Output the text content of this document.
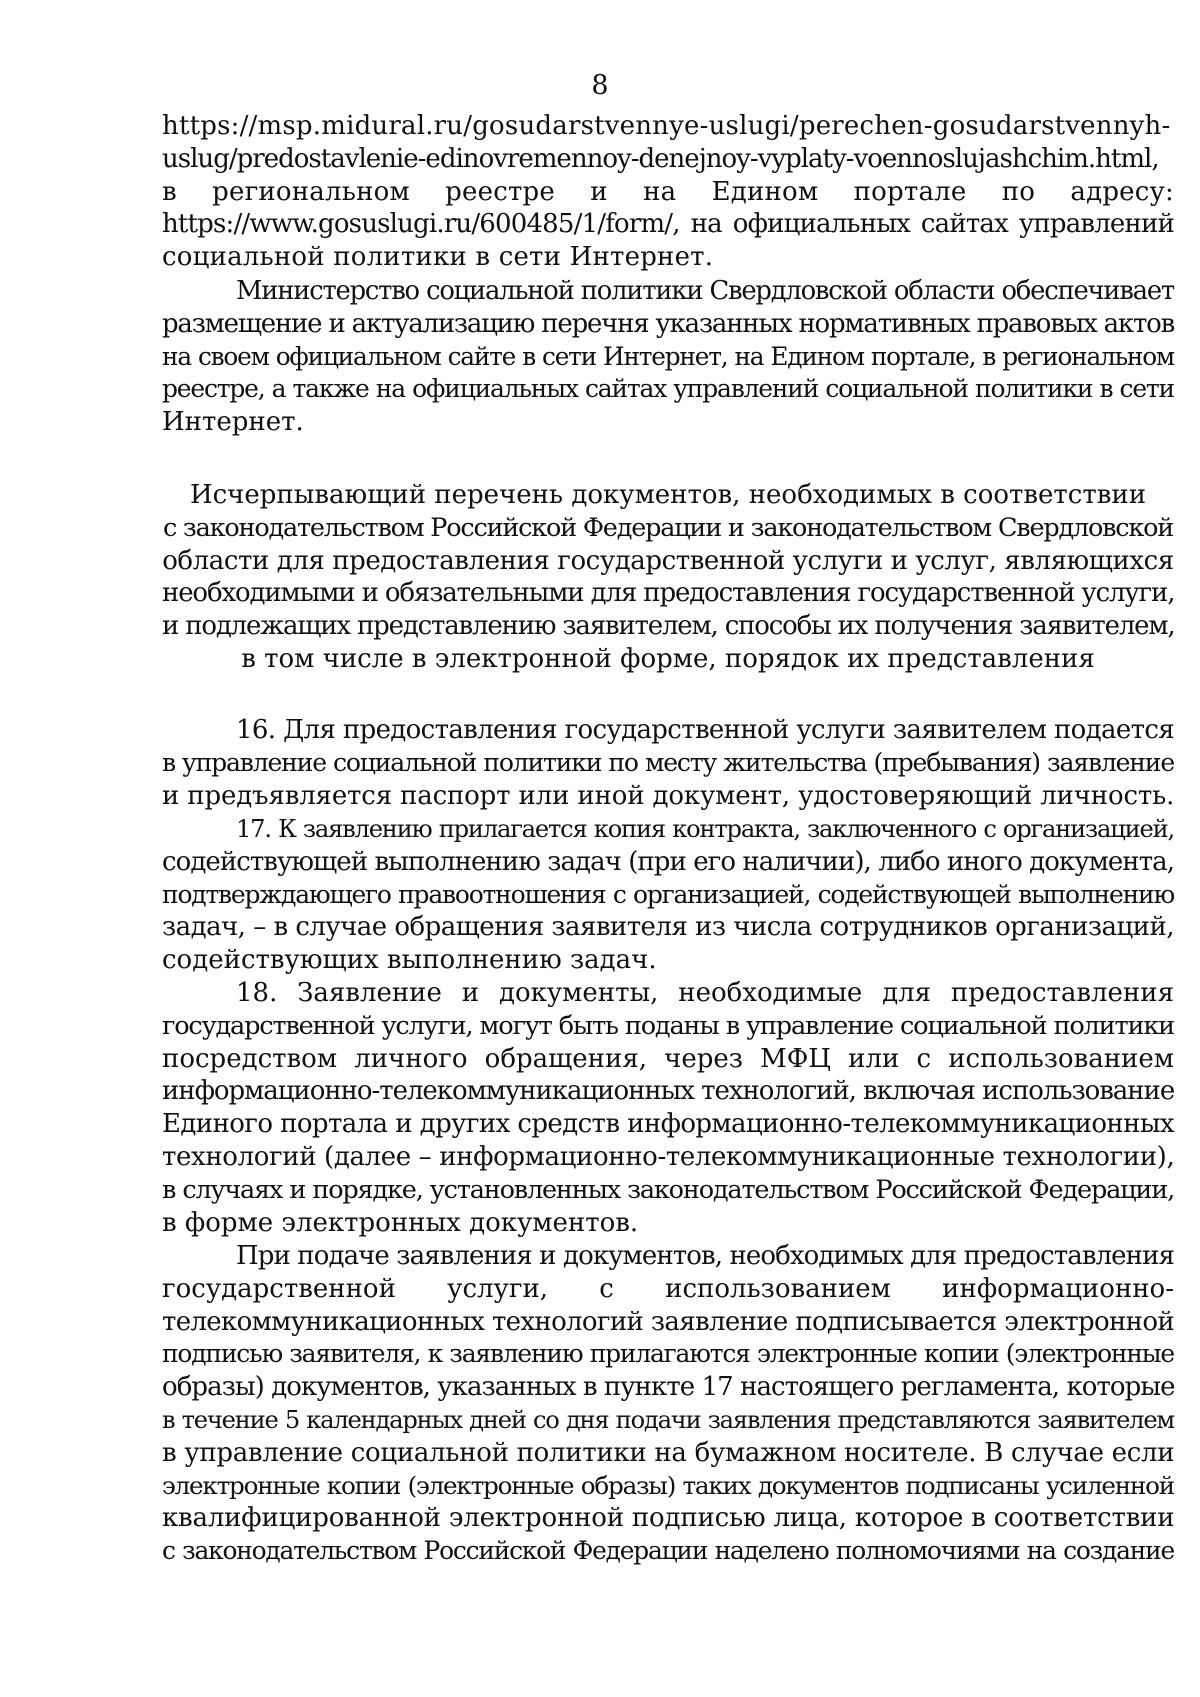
8
https://msp.midural.ru/gosudarstvennye-uslugi/perechen-gosudarstvennyh-
uslug/predostavlenie-edinovremennoy-denejnoy-vyplaty-voennoslujashchim.html,
в региональном реестре и на Едином портале по адресу:
https://www.gosuslugi.ru/600485/1/form/, на официальных сайтах управлений
социальной политики в сети Интернет.
Министерство социальной политики Свердловской области обеспечивает
размещение и актуализацию перечня указанных нормативных правовых актов
на своем официальном сайте в сети Интернет, на Едином портале, в региональном
реестре, а также на официальных сайтах управлений социальной политики в сети
Интернет.
Исчерпывающий перечень документов, необходимых в соответствии
с законодательством Российской Федерации и законодательством Свердловской
области для предоставления государственной услуги и услуг, являющихся
необходимыми и обязательными для предоставления государственной услуги,
и подлежащих представлению заявителем, способы их получения заявителем,
в том числе в электронной форме, порядок их представления
16. Для предоставления государственной услуги заявителем подается
в управление социальной политики по месту жительства (пребывания) заявление
и предъявляется паспорт или иной документ, удостоверяющий личность.
17. К заявлению прилагается копия контракта, заключенного с организацией,
содействующей выполнению задач (при его наличии), либо иного документа,
подтверждающего правоотношения с организацией, содействующей выполнению
задач, – в случае обращения заявителя из числа сотрудников организаций,
содействующих выполнению задач.
18. Заявление и документы, необходимые для предоставления
государственной услуги, могут быть поданы в управление социальной политики
посредством личного обращения, через МФЦ или с использованием
информационно-телекоммуникационных технологий, включая использование
Единого портала и других средств информационно-телекоммуникационных
технологий (далее – информационно-телекоммуникационные технологии),
в случаях и порядке, установленных законодательством Российской Федерации,
в форме электронных документов.
При подаче заявления и документов, необходимых для предоставления
государственной услуги, с использованием информационно-
телекоммуникационных технологий заявление подписывается электронной
подписью заявителя, к заявлению прилагаются электронные копии (электронные
образы) документов, указанных в пункте 17 настоящего регламента, которые
в течение 5 календарных дней со дня подачи заявления представляются заявителем
в управление социальной политики на бумажном носителе. В случае если
электронные копии (электронные образы) таких документов подписаны усиленной
квалифицированной электронной подписью лица, которое в соответствии
с законодательством Российской Федерации наделено полномочиями на создание
